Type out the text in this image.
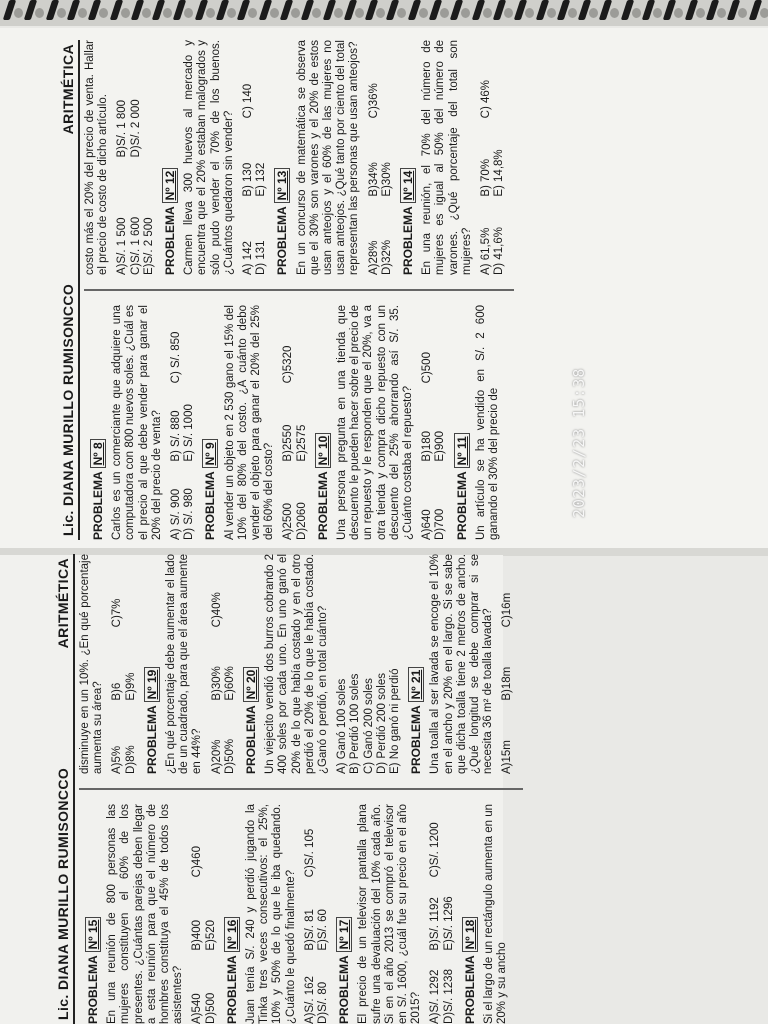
Lic. DIANA MURILLO RUMISONCCO
ARITMÉTICA
PROBLEMA Nº 8 Carlos es un comerciante que adquiere una computadora con 800 nuevos soles. ¿Cuál es el precio al que debe vender para ganar el 20% del precio de venta? A) S/. 900
B) S/. 880
C) S/. 850
D) S/. 980
E) S/. 1000
PROBLEMA Nº 9 Al vender un objeto en 2 530 gano el 15% del 10% del 80% del costo. ¿A cuánto debo vender el objeto para ganar el 20% del 25% del 60% del costo? A)2500
B)2550
C)5320
D)2060
E)2575
PROBLEMA Nº 10 Una persona pregunta en una tienda que descuento le pueden hacer sobre el precio de un repuesto y le responden que el 20%, va a otra tienda y compra dicho repuesto con un descuento del 25% ahorrando así S/. 35. ¿Cuánto costaba el repuesto? A)640
B)180
C)500
D)700
E)900
PROBLEMA Nº 11 Un artículo se ha vendido en S/. 2 600 ganando el 30% del precio de
costo más el 20% del precio de venta. Hallar el precio de costo de dicho artículo. A)S/. 1 500
B)S/. 1 800
C)S/. 1 600
D)S/. 2 000
E)S/. 2 500 PROBLEMA Nº 12 Carmen lleva 300 huevos al mercado y encuentra que el 20% estaban malogrados y sólo pudo vender el 70% de los buenos. ¿Cuántos quedaron sin vender? A) 142
B) 130
C) 140
D) 131
E) 132
PROBLEMA Nº 13 En un concurso de matemática se observa que el 30% son varones y el 20% de estos usan anteojos y el 60% de las mujeres no usan anteojos. ¿Qué tanto por ciento del total representan las personas que usan anteojos? A)28%
B)34%
C)36%
D)32%
E)30%
PROBLEMA Nº 14 En una reunión, el 70% del número de mujeres es igual al 50% del número de varones. ¿Qué porcentaje del total son mujeres? A) 61,5%
B) 70%
C) 46%
D) 41,6%
E) 14,8%
Lic. DIANA MURILLO RUMISONCCO
ARITMÉTICA
PROBLEMA Nº 15 En una reunión de 800 personas las mujeres constituyen el 60% de los presentes. ¿Cuántas parejas deben llegar a esta reunión para que el número de hombres constituya el 45% de todos los asistentes? A)540
B)400
C)460
D)500
E)520
PROBLEMA Nº 16 Juan tenía S/. 240 y perdió jugando la Tinka tres veces consecutivos: el 25%, 10% y 50% de lo que le iba quedando. ¿Cuánto le quedó finalmente? A)S/. 162
B)S/. 81
C)S/. 105
D)S/. 80
E)S/. 60
PROBLEMA Nº 17 El precio de un televisor pantalla plana sufre una devaluación del 10% cada año. Si en el año 2013 se compró el televisor en S/. 1600, ¿cuál fue su precio en el año 2015? A)S/. 1292
B)S/. 1192
C)S/. 1200
D)S/. 1238
E)S/. 1296
PROBLEMA Nº 18 Si el largo de un rectángulo aumenta en un 20% y su ancho
disminuye en un 10%. ¿En qué porcentaje aumenta su área? A)5%
B)6
C)7%
D)8%
E)9%
PROBLEMA Nº 19 ¿En qué porcentaje debe aumentar el lado de un cuadrado, para que el área aumente en 44%? A)20%
B)30%
C)40%
D)50%
E)60%
PROBLEMA Nº 20 Un viejecito vendió dos burros cobrando 2 400 soles por cada uno. En uno ganó el 20% de lo que había costado y en el otro perdió el 20% de lo que le había costado. ¿Ganó o perdió, en total cuánto? A) Ganó 100 soles B) Perdió 100 soles C) Ganó 200 soles D) Perdió 200 soles E) No ganó ni perdió PROBLEMA Nº 21 Una toalla al ser lavada se encoge el 10% en el ancho y 20% en el largo. Si se sabe que dicha toalla tiene 2 metros de ancho. ¿Qué longitud se debe comprar si se necesita 36 m² de toalla lavada? A)15m
B)18m
C)16m
2023/2/23 15:38
